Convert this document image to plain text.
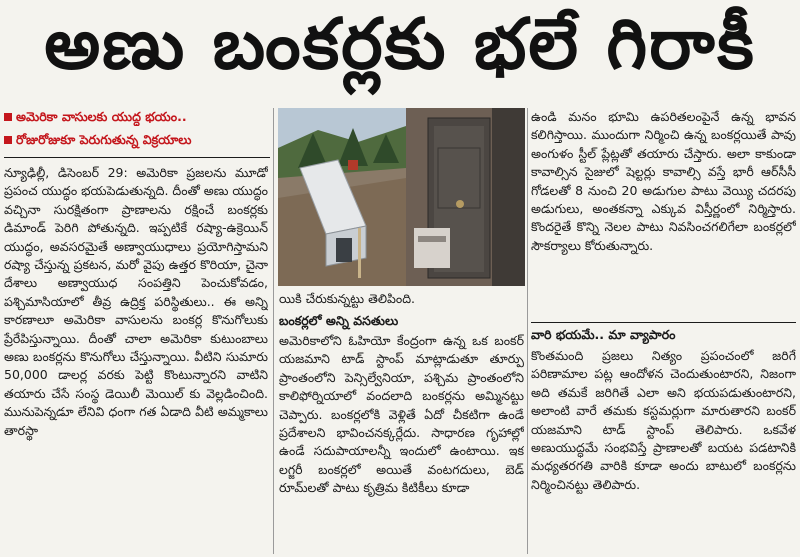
అణు బంకర్లకు భలే గిరాకీ
అమెరికా వాసులకు యుద్ధ భయం..
రోజురోజుకూ పెరుగుతున్న విక్రయాలు

న్యూఢిల్లీ, డిసెంబర్ 29: అమెరికా ప్రజలను మూడో ప్రపంచ యుద్ధం భయపెడుతున్నది. దీంతో అణు యుద్ధం వచ్చినా సురక్షితంగా ప్రాణాలను రక్షించే బంకర్లకు డిమాండ్ పెరిగి పోతున్నది. ఇప్పటికే రష్యా-ఉక్రెయిన్ యుద్ధం, అవసరమైతే అణ్వాయుధాలు ప్రయోగిస్తామని రష్యా చేస్తున్న ప్రకటన, మరో వైపు ఉత్తర కొరియా, చైనా దేశాలు అణ్వాయుధ సంపత్తిని పెంచుకోవడం, పశ్చిమాసియాలో తీవ్ర ఉద్రిక్త పరిస్థితులు.. ఈ అన్ని కారణాలూ అమెరికా వాసులను బంకర్ల కొనుగోలుకు ప్రేరేపిస్తున్నాయి. దీంతో చాలా అమెరికా కుటుంబాలు అణు బంకర్లను కొనుగోలు చేస్తున్నాయి. వీటిని సుమారు 50,000 డాలర్ల వరకు పెట్టి కొంటున్నారని వాటిని తయారు చేసే సంస్థ డెయిలీ మెయిల్ కు వెల్లడించింది. మునుపెన్నడూ లేనివి ధంగా గత ఏడాది వీటి అమ్మకాలు తారస్థా

యికి చేరుకున్నట్టు తెలిపింది.

బంకర్లలో అన్ని వసతులు

అమెరికాలోని ఓహియో కేంద్రంగా ఉన్న ఒక బంకర్ యజమాని టాడ్ స్టాంప్ మాట్లాడుతూ తూర్పు ప్రాంతంలోని పెన్సిల్వేనియా, పశ్చిమ ప్రాంతంలోని కాలిఫోర్నియాలో వందలాది బంకర్లను అమ్మినట్టు చెప్పారు. బంకర్లలోకి వెళ్లితే ఏదో చీకటిగా ఉండే ప్రదేశాలని భావించనక్కర్లేదు. సాధారణ గృహాల్లో ఉండే సదుపాయాలన్నీ ఇందులో ఉంటాయి. ఇక లగ్జరీ బంకర్లలో అయితే వంటగదులు, బెడ్ రూమ్‌లతో పాటు కృత్రిమ కిటికీలు కూడా

ఉండి మనం భూమి ఉపరితలంపైనే ఉన్న భావన కలిగిస్తాయి. ముందుగా నిర్మించి ఉన్న బంకర్లయితే పావు అంగుళం స్టీల్ ప్లేట్లతో తయారు చేస్తారు. అలా కాకుండా కావాల్సిన సైజులో షెల్టర్లు కావాల్సి వస్తే భారీ ఆర్‌సీసీ గోడలతో 8 నుంచి 20 అడుగుల పాటు వెయ్యి చదరపు అడుగులు, అంతకన్నా ఎక్కువ విస్తీర్ణంలో నిర్మిస్తారు. కొందరైతే కొన్ని నెలల పాటు నివసించగలిగేలా బంకర్లలో సౌకర్యాలు కోరుతున్నారు.

వారి భయమే.. మా వ్యాపారం

కొంతమంది ప్రజలు నిత్యం ప్రపంచంలో జరిగే పరిణామాల పట్ల ఆందోళన చెందుతుంటారని, నిజంగా అది తమకే జరిగితే ఎలా అని భయపడుతుంటారని, అలాంటి వారే తమకు కస్టమర్లుగా మారుతారని బంకర్ యజమాని టాడ్ స్టాంప్ తెలిపారు. ఒకవేళ అణుయుద్ధమే సంభవిస్తే ప్రాణాలతో బయట పడటానికి మధ్యతరగతి వారికి కూడా అందు బాటులో బంకర్లను నిర్మించినట్టు తెలిపారు.
